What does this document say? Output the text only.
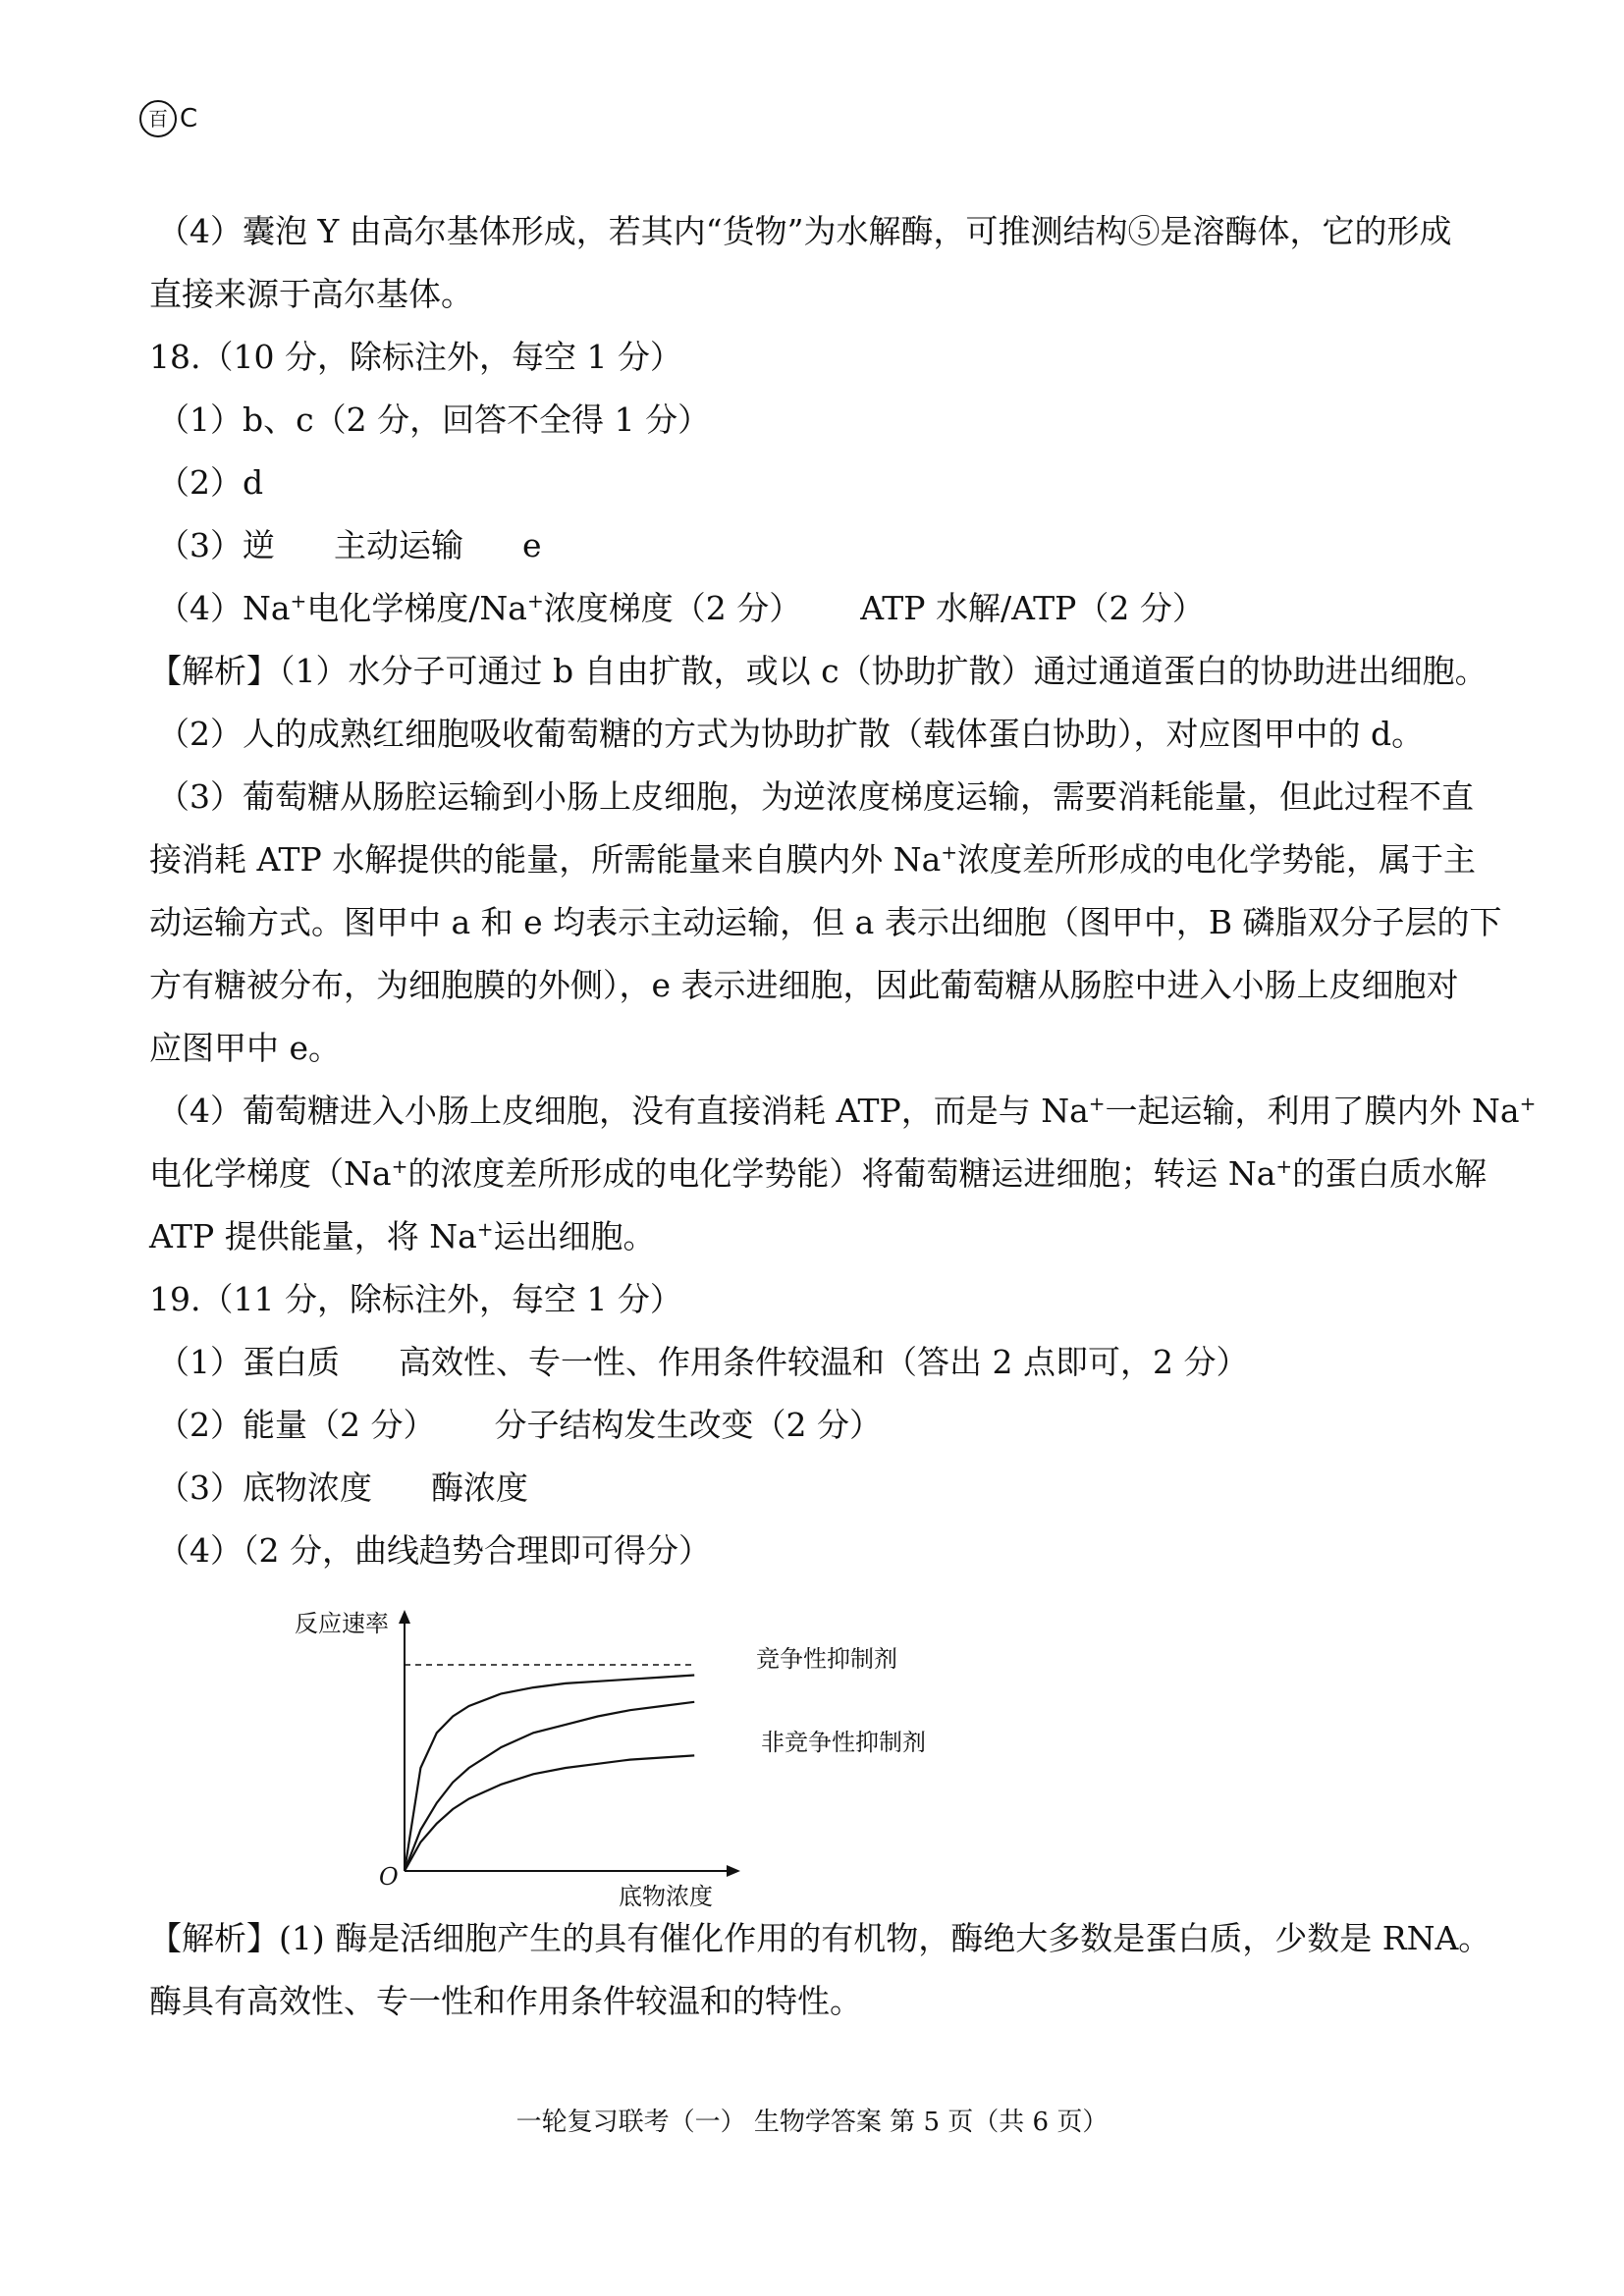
百 C
（4）囊泡 Y 由高尔基体形成，若其内“货物”为水解酶，可推测结构⑤是溶酶体，它的形成
直接来源于高尔基体。
18.（10 分，除标注外，每空 1 分）
（1）b、c（2 分，回答不全得 1 分）
（2）d
（3）逆 主动运输 e
（4）Na+电化学梯度/Na+浓度梯度（2 分） ATP 水解/ATP（2 分）
【解析】（1）水分子可通过 b 自由扩散，或以 c（协助扩散）通过通道蛋白的协助进出细胞。
（2）人的成熟红细胞吸收葡萄糖的方式为协助扩散（载体蛋白协助），对应图甲中的 d。
（3）葡萄糖从肠腔运输到小肠上皮细胞，为逆浓度梯度运输，需要消耗能量，但此过程不直
接消耗 ATP 水解提供的能量，所需能量来自膜内外 Na+浓度差所形成的电化学势能，属于主
动运输方式。图甲中 a 和 e 均表示主动运输，但 a 表示出细胞（图甲中，B 磷脂双分子层的下
方有糖被分布，为细胞膜的外侧），e 表示进细胞，因此葡萄糖从肠腔中进入小肠上皮细胞对
应图甲中 e。
（4）葡萄糖进入小肠上皮细胞，没有直接消耗 ATP，而是与 Na+一起运输，利用了膜内外 Na+
电化学梯度（Na+的浓度差所形成的电化学势能）将葡萄糖运进细胞；转运 Na+的蛋白质水解
ATP 提供能量，将 Na+运出细胞。
19.（11 分，除标注外，每空 1 分）
（1）蛋白质 高效性、专一性、作用条件较温和（答出 2 点即可，2 分）
（2）能量（2 分） 分子结构发生改变（2 分）
（3）底物浓度 酶浓度
（4）（2 分，曲线趋势合理即可得分）
反应速率
底物浓度
O
竞争性抑制剂
非竞争性抑制剂
【解析】(1) 酶是活细胞产生的具有催化作用的有机物，酶绝大多数是蛋白质，少数是 RNA。
酶具有高效性、专一性和作用条件较温和的特性。
一轮复习联考（一） 生物学答案 第 5 页（共 6 页）
